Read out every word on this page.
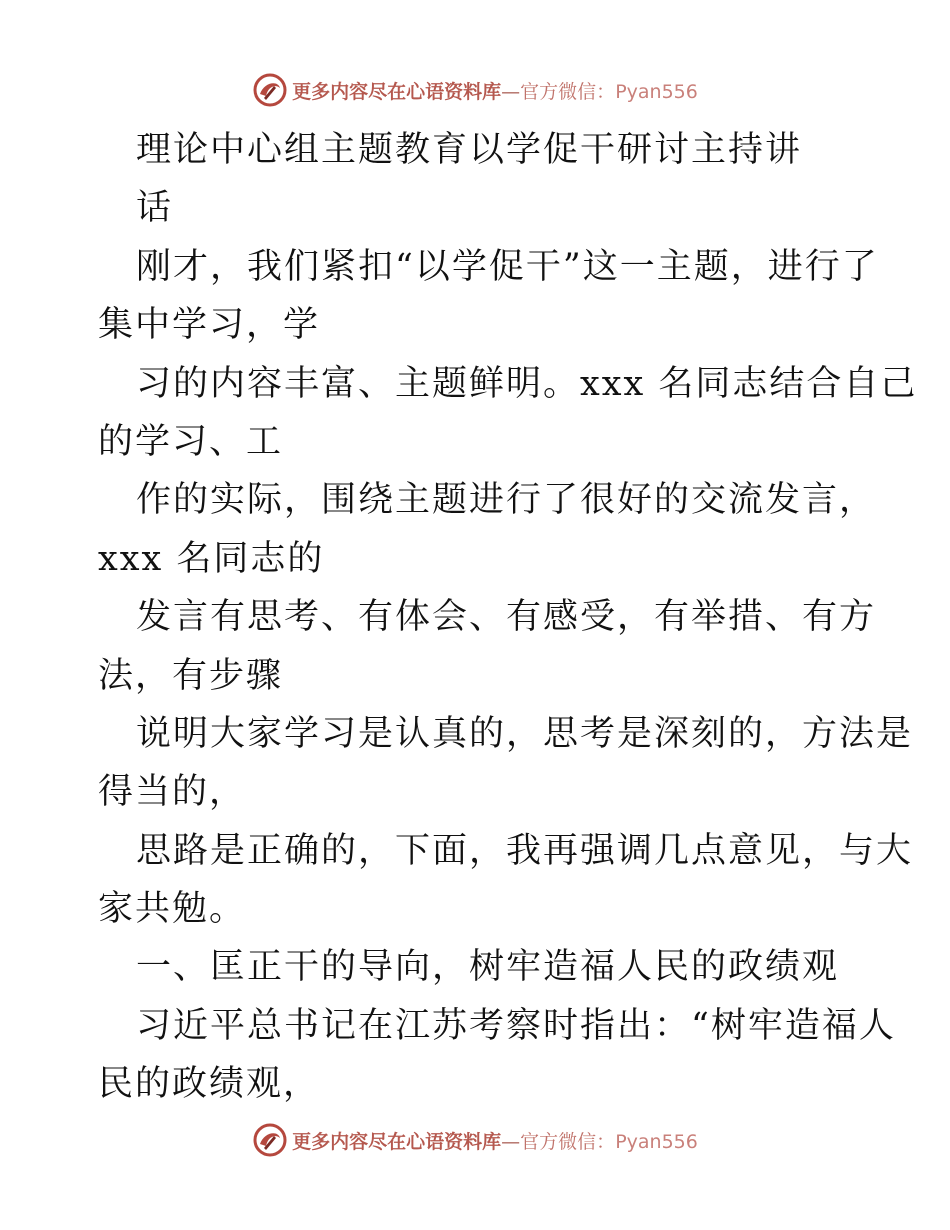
更多内容尽在心语资料库—官方微信：Pyan556
理论中心组主题教育以学促干研讨主持讲
话
刚才，我们紧扣“以学促干”这一主题，进行了
集中学习，学
习的内容丰富、主题鲜明。xxx 名同志结合自己
的学习、工
作的实际，围绕主题进行了很好的交流发言，
xxx 名同志的
发言有思考、有体会、有感受，有举措、有方
法，有步骤
说明大家学习是认真的，思考是深刻的，方法是
得当的，
思路是正确的，下面，我再强调几点意见，与大
家共勉。
一、匡正干的导向，树牢造福人民的政绩观
习近平总书记在江苏考察时指出：“树牢造福人
民的政绩观，
更多内容尽在心语资料库—官方微信：Pyan556
